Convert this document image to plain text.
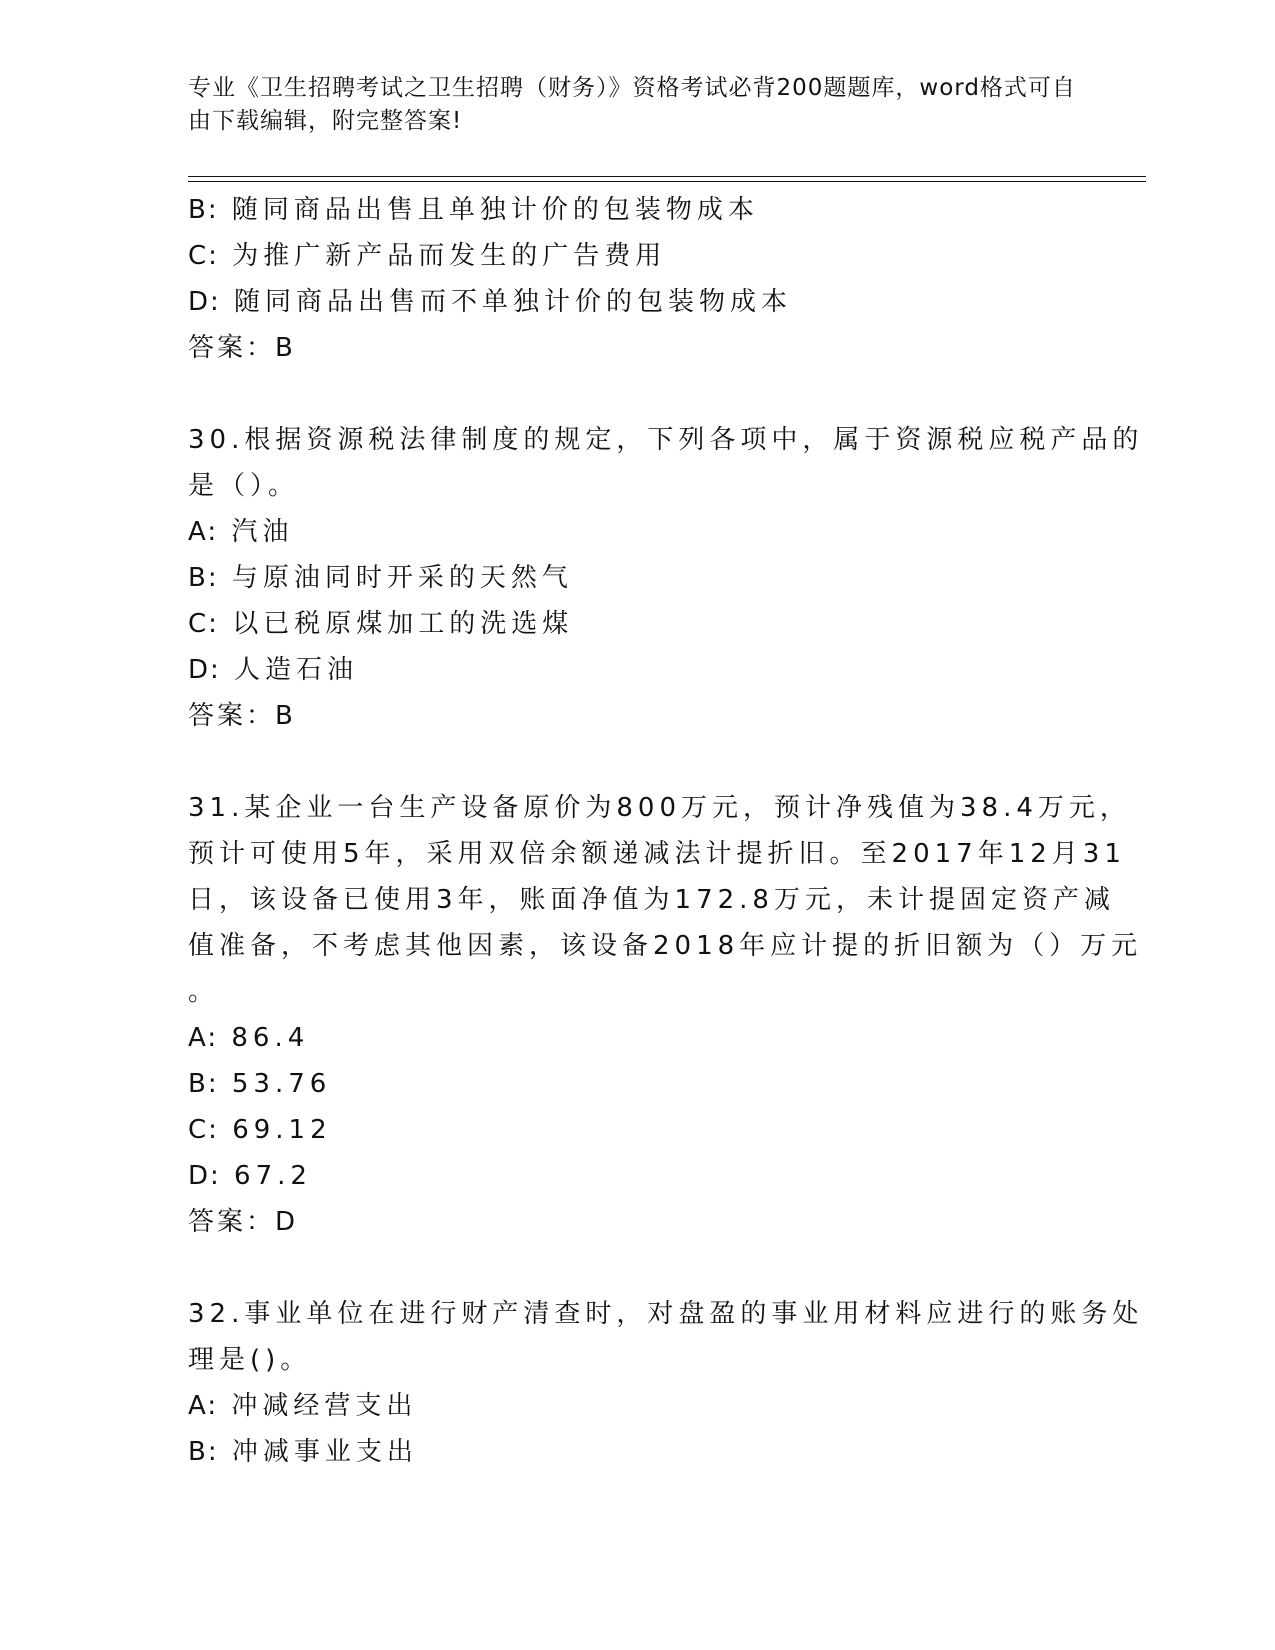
专业《卫生招聘考试之卫生招聘（财务）》资格考试必背200题题库，word格式可自由下载编辑，附完整答案!
B: 随同商品出售且单独计价的包装物成本
C: 为推广新产品而发生的广告费用
D: 随同商品出售而不单独计价的包装物成本
答案：B
30.根据资源税法律制度的规定，下列各项中，属于资源税应税产品的
是（）。
A: 汽油
B: 与原油同时开采的天然气
C: 以已税原煤加工的洗选煤
D: 人造石油
答案：B
31.某企业一台生产设备原价为800万元，预计净残值为38.4万元，
预计可使用5年，采用双倍余额递减法计提折旧。至2017年12月31
日，该设备已使用3年，账面净值为172.8万元，未计提固定资产减
值准备，不考虑其他因素，该设备2018年应计提的折旧额为（）万元
。
A: 86.4
B: 53.76
C: 69.12
D: 67.2
答案：D
32.事业单位在进行财产清查时，对盘盈的事业用材料应进行的账务处
理是()。
A: 冲减经营支出
B: 冲减事业支出
